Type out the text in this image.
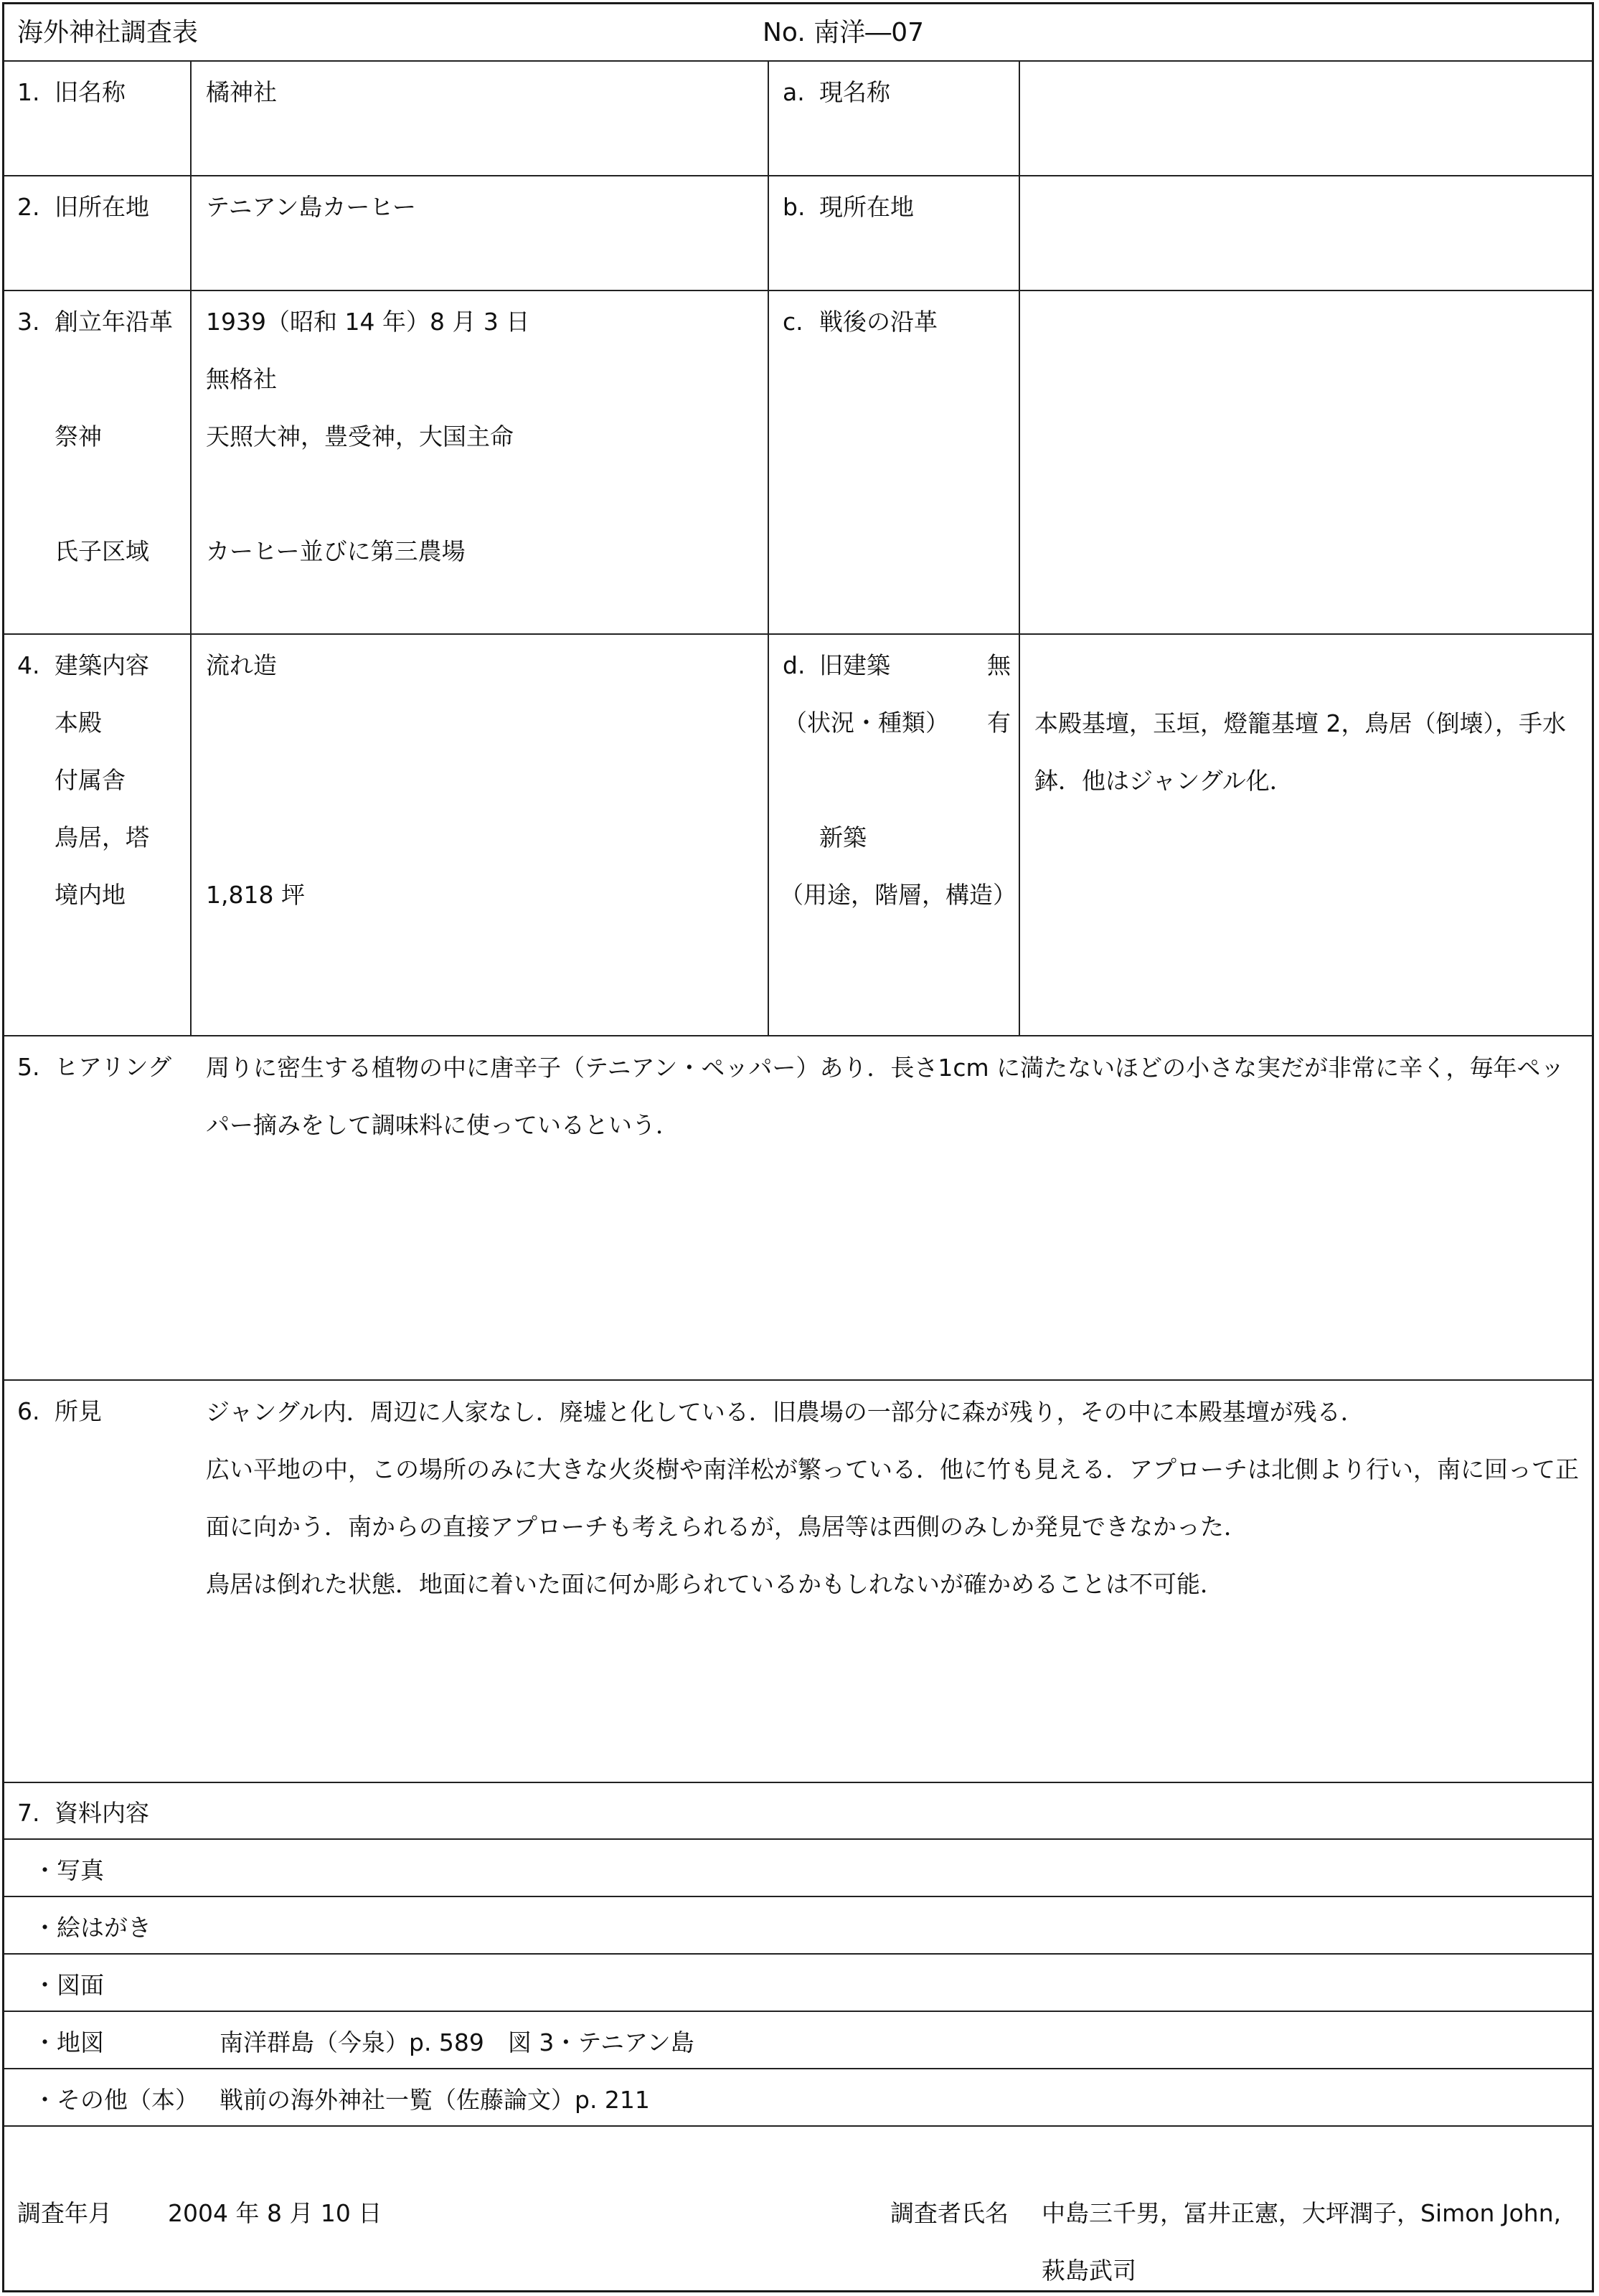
海外神社調査表	No. 南洋―07
1. 旧名称	橘神社	a. 現名称
2. 旧所在地 テニアン島カーヒー	b. 現所在地
3. 創立年沿革 1939（昭和 14 年）8 月 3 日
無格社
祭神	天照大神，豊受神，大国主命
氏子区域 カーヒー並びに第三農場
c. 戦後の沿革
4. 建築内容 流れ造
本殿
付属舎
鳥居，塔
境内地	1,818 坪
d. 旧建築	無
（状況・種類） 有
新築
（用途，階層，構造）
本殿基壇，玉垣，燈籠基壇 2，鳥居（倒壊），手水鉢．他はジャングル化．
5. ヒアリング 周りに密生する植物の中に唐辛子（テニアン・ペッパー）あり．長さ1cm に満たないほどの小さな実だが非常に辛く，毎年ペッパー摘みをして調味料に使っているという．
6. 所見	ジャングル内．周辺に人家なし．廃墟と化している．旧農場の一部分に森が残り，その中に本殿基壇が残る．
広い平地の中，この場所のみに大きな火炎樹や南洋松が繁っている．他に竹も見える．アプローチは北側より行い，南に回って正面に向かう．南からの直接アプローチも考えられるが，鳥居等は西側のみしか発見できなかった．
鳥居は倒れた状態．地面に着いた面に何か彫られているかもしれないが確かめることは不可能．
7. 資料内容
・写真
・絵はがき
・図面
・地図	南洋群島（今泉）p. 589　図 3・テニアン島
・その他（本） 戦前の海外神社一覧（佐藤論文）p. 211
調査年月 2004 年 8 月 10 日	調査者氏名 中島三千男，冨井正憲，大坪潤子，Simon John,
萩島武司
